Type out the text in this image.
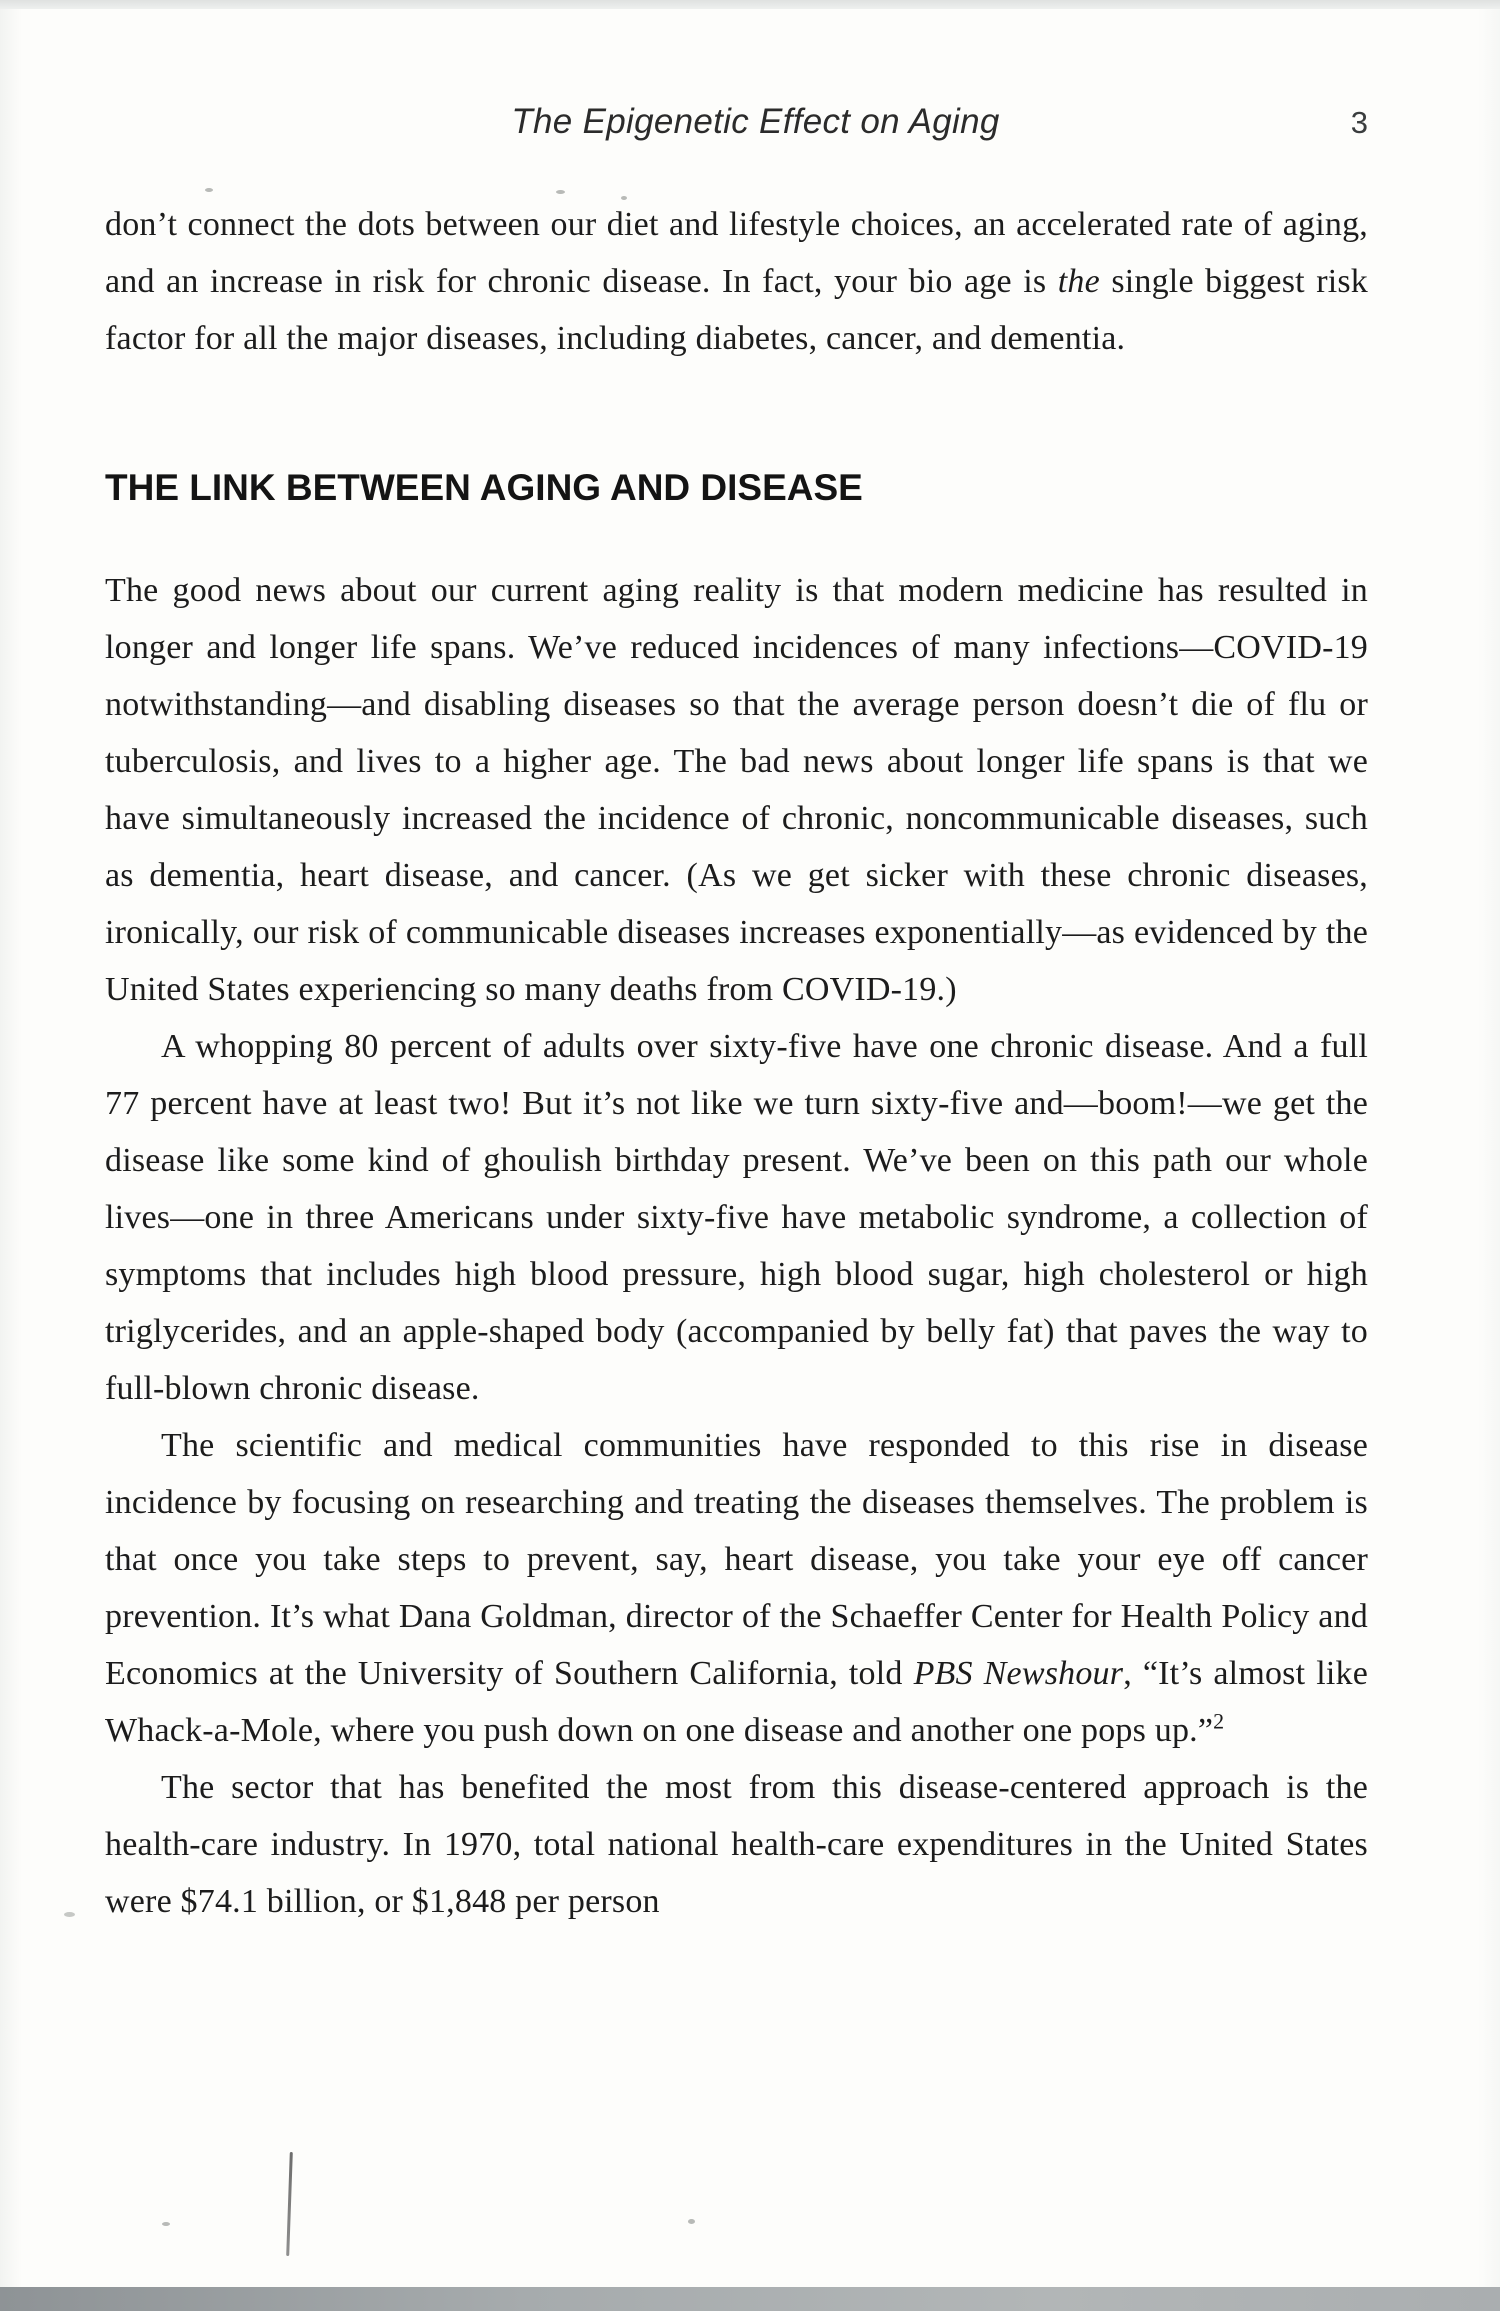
The Epigenetic Effect on Aging	3

don’t connect the dots between our diet and lifestyle choices, an accelerated rate of aging, and an increase in risk for chronic disease. In fact, your bio age is the single biggest risk factor for all the major diseases, including diabetes, cancer, and dementia.

THE LINK BETWEEN AGING AND DISEASE

The good news about our current aging reality is that modern medicine has resulted in longer and longer life spans. We’ve reduced incidences of many infections—COVID-19 notwithstanding—and disabling diseases so that the average person doesn’t die of flu or tuberculosis, and lives to a higher age. The bad news about longer life spans is that we have simultaneously increased the incidence of chronic, noncommunicable diseases, such as dementia, heart disease, and cancer. (As we get sicker with these chronic diseases, ironically, our risk of communicable diseases increases exponentially—as evidenced by the United States experiencing so many deaths from COVID-19.)

A whopping 80 percent of adults over sixty-five have one chronic disease. And a full 77 percent have at least two! But it’s not like we turn sixty-five and—boom!—we get the disease like some kind of ghoulish birthday present. We’ve been on this path our whole lives—one in three Americans under sixty-five have metabolic syndrome, a collection of symptoms that includes high blood pressure, high blood sugar, high cholesterol or high triglycerides, and an apple-shaped body (accompanied by belly fat) that paves the way to full-blown chronic disease.

The scientific and medical communities have responded to this rise in disease incidence by focusing on researching and treating the diseases themselves. The problem is that once you take steps to prevent, say, heart disease, you take your eye off cancer prevention. It’s what Dana Goldman, director of the Schaeffer Center for Health Policy and Economics at the University of Southern California, told PBS Newshour, “It’s almost like Whack-a-Mole, where you push down on one disease and another one pops up.”$^2$

The sector that has benefited the most from this disease-centered approach is the health-care industry. In 1970, total national health-care expenditures in the United States were $74.1 billion, or $1,848 per person
